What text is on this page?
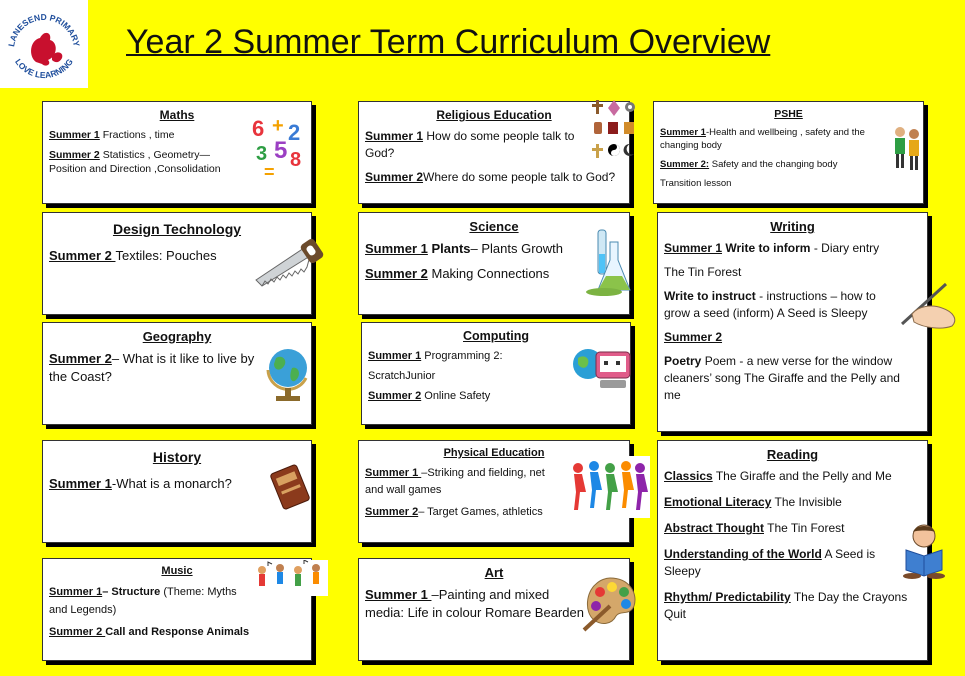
LANESEND PRIMARY
LOVE LEARNING
Year 2 Summer Term Curriculum Overview
Maths

Summer 1 Fractions , time

Summer 2 Statistics , Geometry—Position and Direction ,Consolidation

6 + 2
3 5 8
=
Religious Education

Summer 1 How do some people talk to God?

Summer 2Where do some people talk to God?

PSHE

Summer 1-Health and wellbeing , safety and the changing body

Summer 2: Safety and the changing body

Transition lesson

Design Technology

Summer 2 Textiles: Pouches

Science

Summer 1 Plants– Plants Growth

Summer 2 Making Connections

Writing

Summer 1 Write to inform - Diary entry

The Tin Forest

Write to instruct - instructions – how to grow a seed (inform) A Seed is Sleepy

Summer 2

Poetry Poem - a new verse for the window cleaners’ song The Giraffe and the Pelly and me

Geography

Summer 2– What is it like to live by the Coast?

Computing

Summer 1 Programming 2:

ScratchJunior

Summer 2 Online Safety

History

Summer 1-What is a monarch?

Physical Education

Summer 1 –Striking and fielding, net and wall games

Summer 2– Target Games, athletics

Reading

Classics The Giraffe and the Pelly and Me

Emotional Literacy The Invisible

Abstract Thought The Tin Forest

Understanding of the World A Seed is Sleepy

Rhythm/ Predictability The Day the Crayons Quit

Music

Summer 1– Structure (Theme: Myths and Legends)

Summer 2 Call and Response Animals

Art

Summer 1 –Painting and mixed media: Life in colour Romare Bearden
